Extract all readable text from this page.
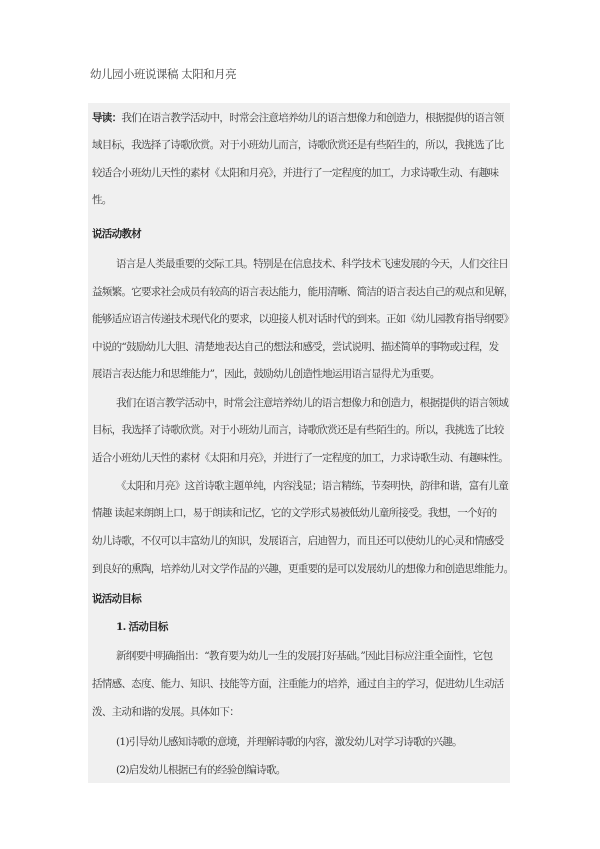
幼儿园小班说课稿 太阳和月亮
导读：我们在语言教学活动中，时常会注意培养幼儿的语言想像力和创造力，根据提供的语言领
域目标，我选择了诗歌欣赏。对于小班幼儿而言，诗歌欣赏还是有些陌生的，所以，我挑选了比
较适合小班幼儿天性的素材《太阳和月亮》，并进行了一定程度的加工，力求诗歌生动、有趣味
性。
说活动教材
语言是人类最重要的交际工具。特别是在信息技术、科学技术飞速发展的今天，人们交往日
益频繁。它要求社会成员有较高的语言表达能力，能用清晰、简洁的语言表达自己的观点和见解，
能够适应语言传递技术现代化的要求，以迎接人机对话时代的到来。正如《幼儿园教育指导纲要》
中说的“鼓励幼儿大胆、清楚地表达自己的想法和感受，尝试说明、描述简单的事物或过程，发
展语言表达能力和思维能力”，因此，鼓励幼儿创造性地运用语言显得尤为重要。
我们在语言教学活动中，时常会注意培养幼儿的语言想像力和创造力，根据提供的语言领域
目标，我选择了诗歌欣赏。对于小班幼儿而言，诗歌欣赏还是有些陌生的。所以，我挑选了比较
适合小班幼儿天性的素材《太阳和月亮》，并进行了一定程度的加工，力求诗歌生动、有趣味性。
《太阳和月亮》这首诗歌主题单纯，内容浅显；语言精练，节奏明快，韵律和谐，富有儿童
情趣 读起来朗朗上口，易于朗读和记忆，它的文学形式易被低幼儿童所接受。我想，一个好的
幼儿诗歌，不仅可以丰富幼儿的知识，发展语言，启迪智力，而且还可以使幼儿的心灵和情感受
到良好的熏陶，培养幼儿对文学作品的兴趣，更重要的是可以发展幼儿的想像力和创造思维能力。
说活动目标
1. 活动目标
新纲要中明确指出：“教育要为幼儿一生的发展打好基础。”因此目标应注重全面性，它包
括情感、态度、能力、知识、技能等方面，注重能力的培养，通过自主的学习，促进幼儿生动活
泼、主动和谐的发展。具体如下：
(1)引导幼儿感知诗歌的意境，并理解诗歌的内容，激发幼儿对学习诗歌的兴趣。
(2)启发幼儿根据已有的经验创编诗歌。
